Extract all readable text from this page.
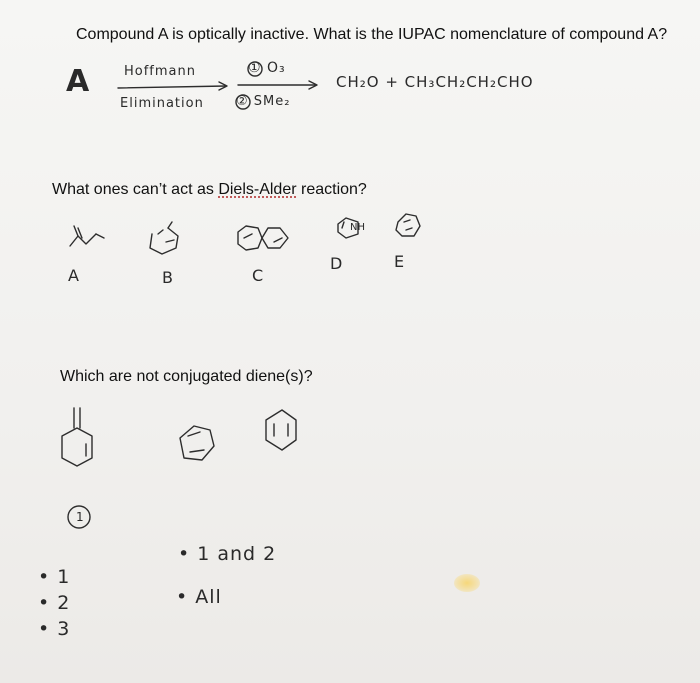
Compound A is optically inactive. What is the IUPAC nomenclature of compound A?
A	Hoffmann
Elimination
① O₃
② SMe₂
CH₂O + CH₃CH₂CH₂CHO
What ones can’t act as Diels-Alder reaction?
A	B	C
D	E
NH
Which are not conjugated diene(s)?
1
• 1
• 2
• 3
• 1 and 2
• All
